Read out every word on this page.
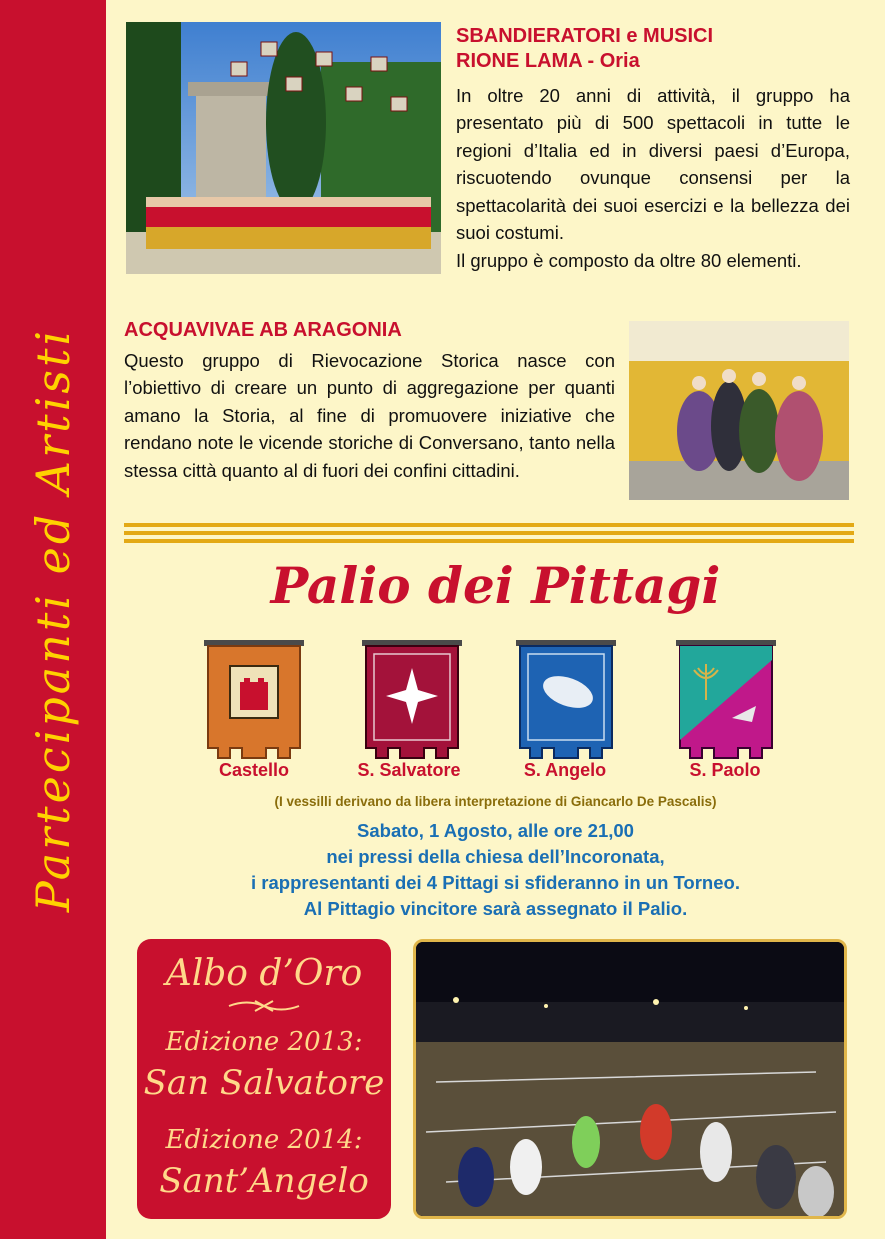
Partecipanti ed Artisti
SBANDIERATORI e MUSICI
RIONE LAMA - Oria

In oltre 20 anni di attività, il gruppo ha presentato più di 500 spettacoli in tutte le regioni d’Italia ed in diversi paesi d’Europa, riscuotendo ovunque consensi per la spettacolarità dei suoi esercizi e la bellezza dei suoi costumi.

Il gruppo è composto da oltre 80 elementi.

ACQUAVIVAE AB ARAGONIA

Questo gruppo di Rievocazione Storica nasce con l’obiettivo di creare un punto di aggregazione per quanti amano la Storia, al fine di promuovere iniziative che rendano note le vicende storiche di Conversano, tanto nella stessa città quanto al di fuori dei confini cittadini.

Palio dei Pittagi
Castello	S. Salvatore	S. Angelo	S. Paolo
(I vessilli derivano da libera interpretazione di Giancarlo De Pascalis)

Sabato, 1 Agosto, alle ore 21,00
nei pressi della chiesa dell’Incoronata,
i rappresentanti dei 4 Pittagi si sfideranno in un Torneo.
Al Pittagio vincitore sarà assegnato il Palio.

Albo d’Oro
Edizione 2013:
San Salvatore
Edizione 2014:
Sant’Angelo
